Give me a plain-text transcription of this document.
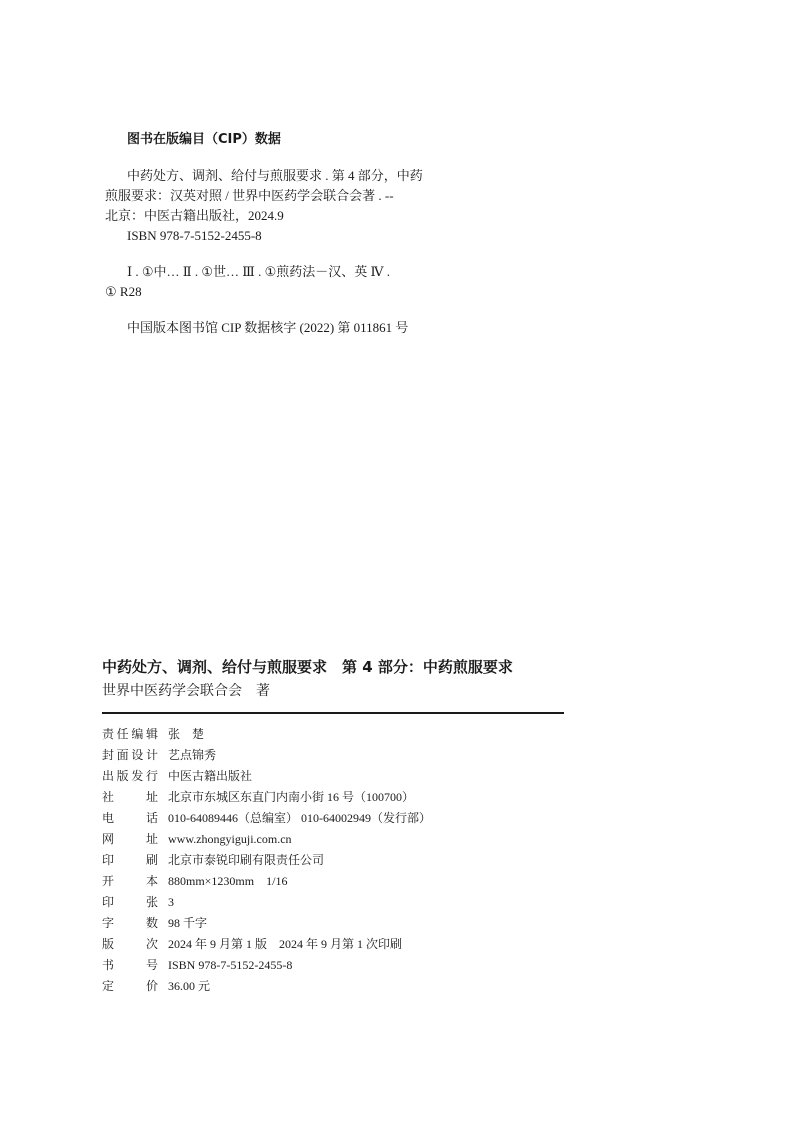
图书在版编目（CIP）数据
中药处方、调剂、给付与煎服要求 . 第 4 部分，中药
煎服要求：汉英对照 / 世界中医药学会联合会著 . --
北京：中医古籍出版社，2024.9
ISBN 978-7-5152-2455-8
Ⅰ . ①中… Ⅱ . ①世… Ⅲ . ①煎药法－汉、英 Ⅳ .
① R28
中国版本图书馆 CIP 数据核字 (2022) 第 011861 号
中药处方、调剂、给付与煎服要求　第 4 部分：中药煎服要求
世界中医药学会联合会　著
责 任 编 辑 张　楚
封 面 设 计 艺点锦秀
出 版 发 行 中医古籍出版社
社	址 北京市东城区东直门内南小街 16 号（100700）
电	话 010-64089446（总编室） 010-64002949（发行部）
网	址 www.zhongyiguji.com.cn
印	刷 北京市泰锐印刷有限责任公司
开	本 880mm×1230mm　1/16
印	张 3
字	数 98 千字
版	次 2024 年 9 月第 1 版　2024 年 9 月第 1 次印刷
书	号 ISBN 978-7-5152-2455-8
定	价 36.00 元
